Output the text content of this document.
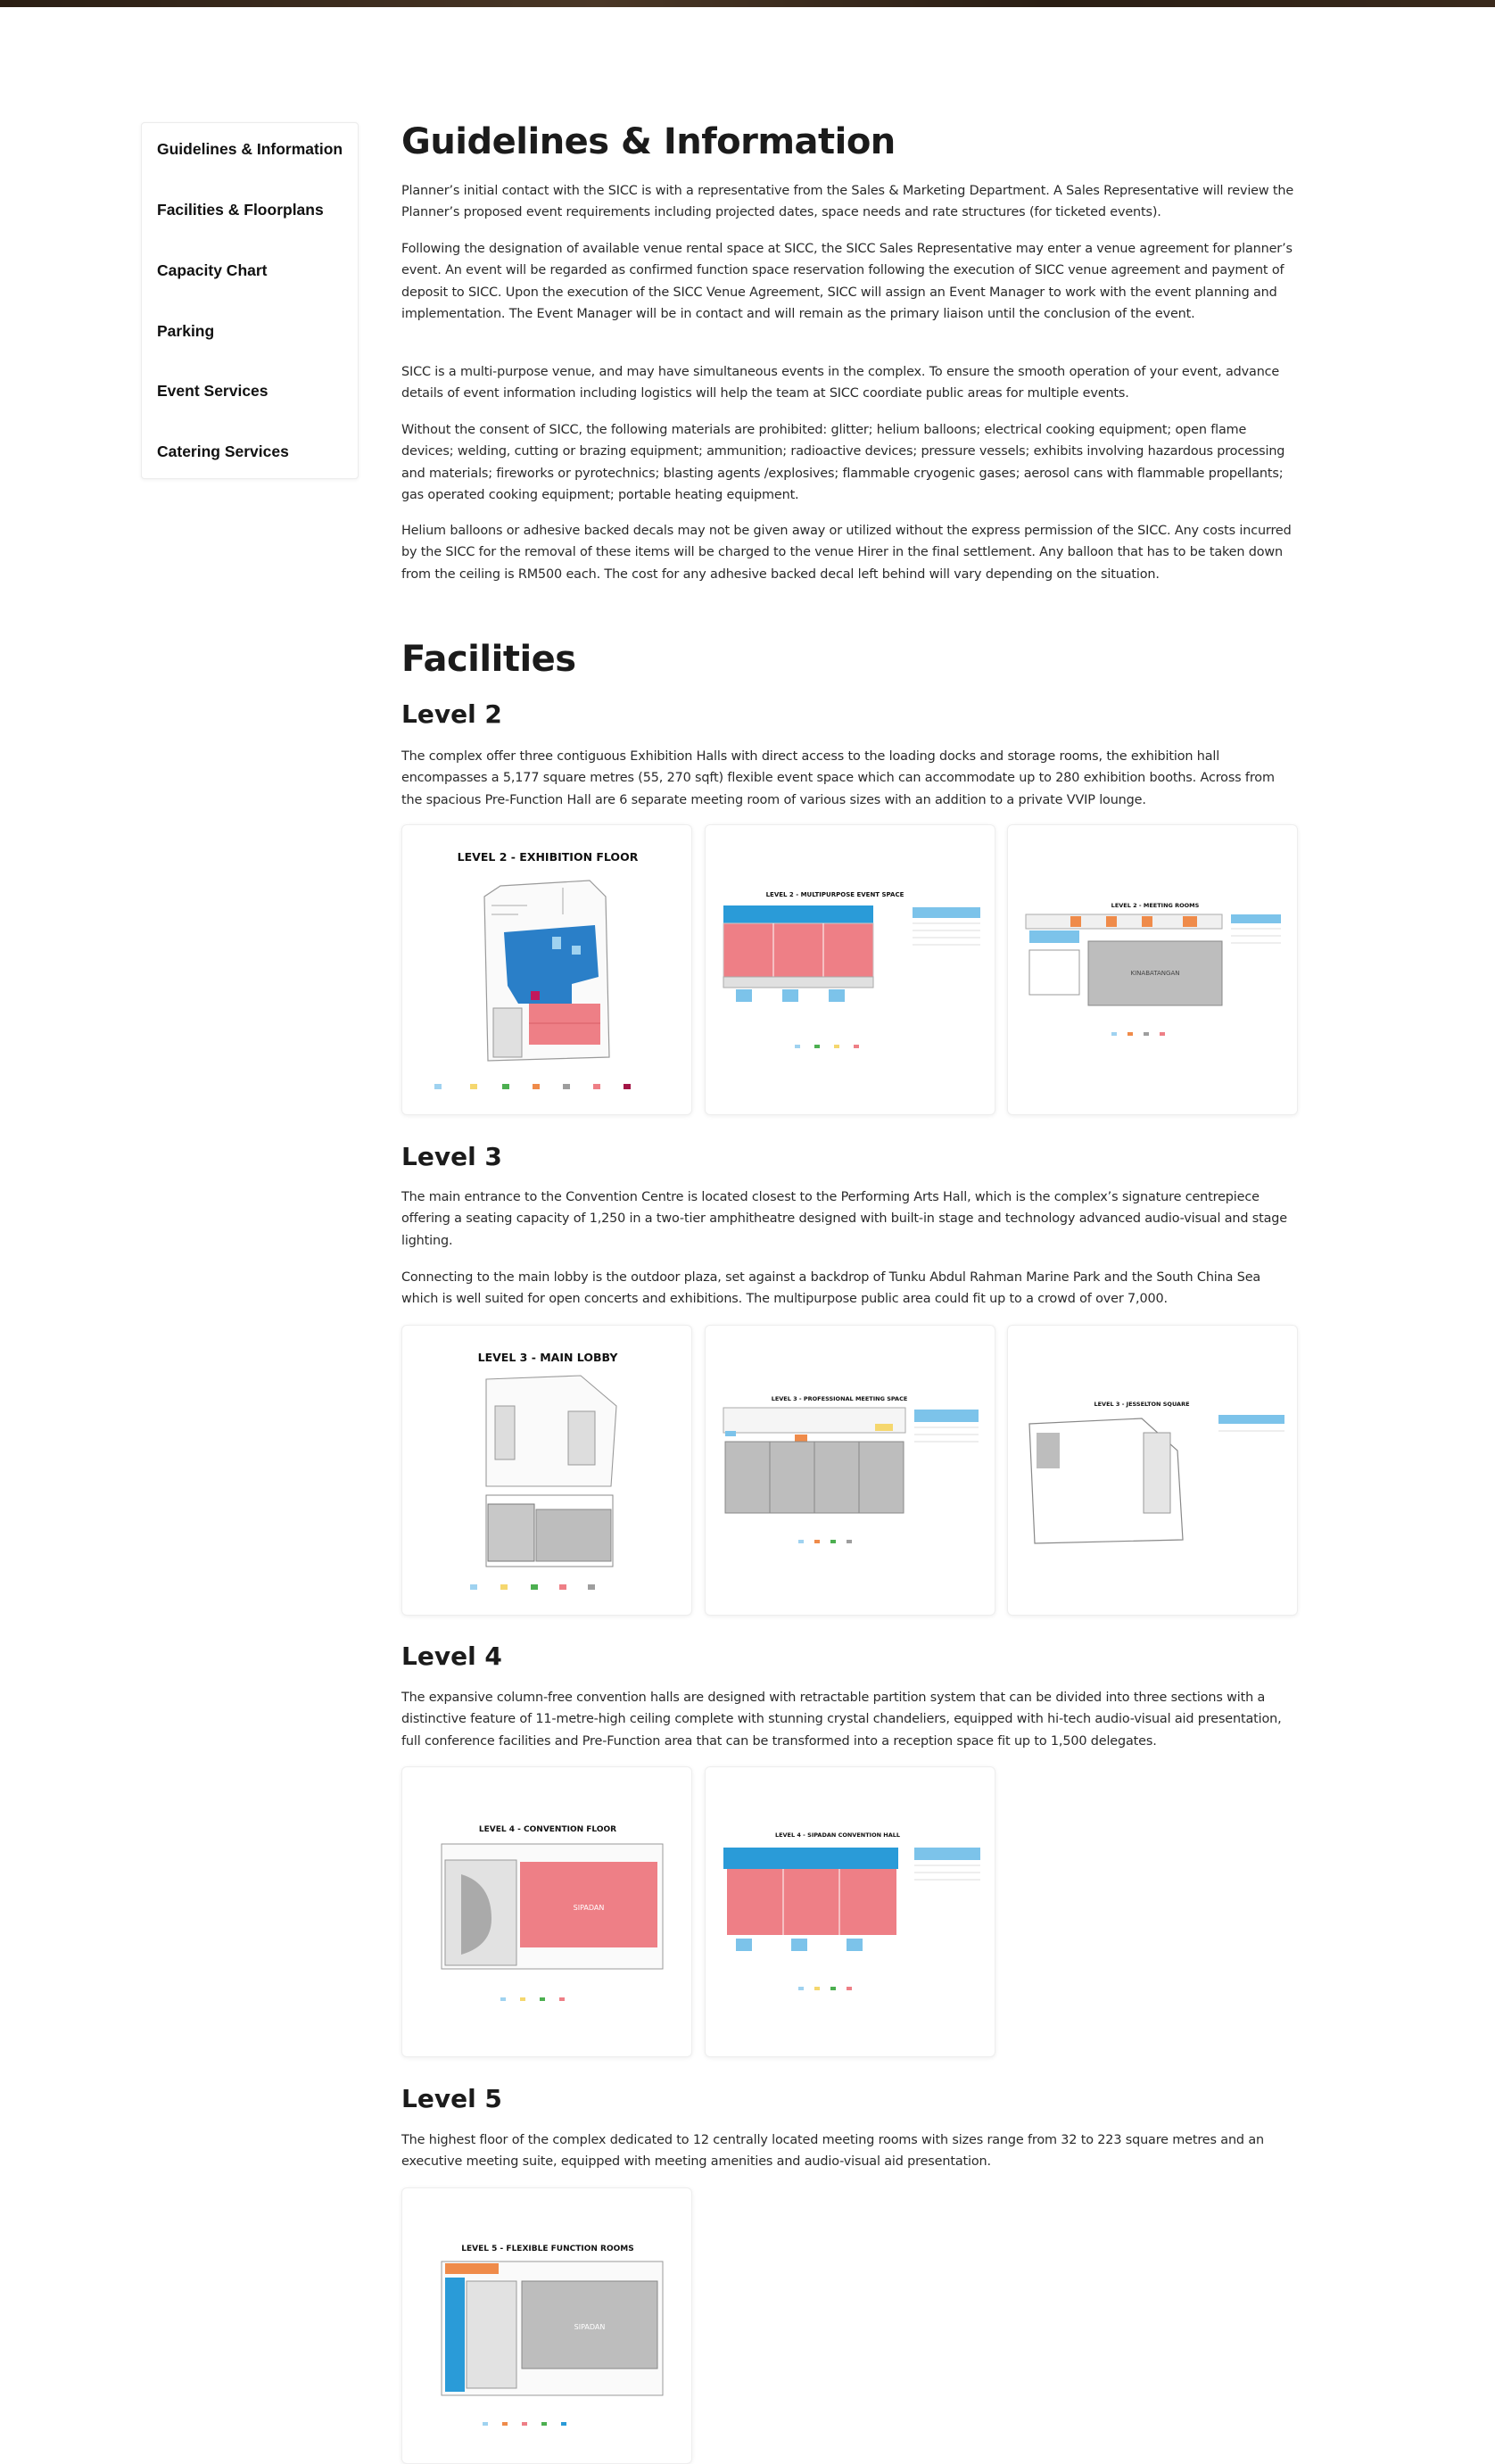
Guidelines & Information
Facilities & Floorplans
Capacity Chart
Parking
Event Services
Catering Services
Guidelines & Information

Planner’s initial contact with the SICC is with a representative from the Sales & Marketing Department. A Sales Representative will review the Planner’s proposed event requirements including projected dates, space needs and rate structures (for ticketed events).

Following the designation of available venue rental space at SICC, the SICC Sales Representative may enter a venue agreement for planner’s event. An event will be regarded as confirmed function space reservation following the execution of SICC venue agreement and payment of deposit to SICC. Upon the execution of the SICC Venue Agreement, SICC will assign an Event Manager to work with the event planning and implementation. The Event Manager will be in contact and will remain as the primary liaison until the conclusion of the event.

SICC is a multi-purpose venue, and may have simultaneous events in the complex. To ensure the smooth operation of your event, advance details of event information including logistics will help the team at SICC coordiate public areas for multiple events.

Without the consent of SICC, the following materials are prohibited: glitter; helium balloons; electrical cooking equipment; open flame devices; welding, cutting or brazing equipment; ammunition; radioactive devices; pressure vessels; exhibits involving hazardous processing and materials; fireworks or pyrotechnics; blasting agents /explosives; flammable cryogenic gases; aerosol cans with flammable propellants; gas operated cooking equipment; portable heating equipment.

Helium balloons or adhesive backed decals may not be given away or utilized without the express permission of the SICC. Any costs incurred by the SICC for the removal of these items will be charged to the venue Hirer in the final settlement. Any balloon that has to be taken down from the ceiling is RM500 each. The cost for any adhesive backed decal left behind will vary depending on the situation.

Facilities
Level 2

The complex offer three contiguous Exhibition Halls with direct access to the loading docks and storage rooms, the exhibition hall encompasses a 5,177 square metres (55, 270 sqft) flexible event space which can accommodate up to 280 exhibition booths. Across from the spacious Pre-Function Hall are 6 separate meeting room of various sizes with an addition to a private VVIP lounge.

LEVEL 2 - EXHIBITION FLOOR
LEVEL 2 - MULTIPURPOSE EVENT SPACE
LEVEL 2 - MEETING ROOMS
KINABATANGAN
Level 3

The main entrance to the Convention Centre is located closest to the Performing Arts Hall, which is the complex’s signature centrepiece offering a seating capacity of 1,250 in a two-tier amphitheatre designed with built-in stage and technology advanced audio-visual and stage lighting.

Connecting to the main lobby is the outdoor plaza, set against a backdrop of Tunku Abdul Rahman Marine Park and the South China Sea which is well suited for open concerts and exhibitions. The multipurpose public area could fit up to a crowd of over 7,000.

LEVEL 3 - MAIN LOBBY
LEVEL 3 - PROFESSIONAL MEETING SPACE
LEVEL 3 - JESSELTON SQUARE
Level 4

The expansive column-free convention halls are designed with retractable partition system that can be divided into three sections with a distinctive feature of 11-metre-high ceiling complete with stunning crystal chandeliers, equipped with hi-tech audio-visual aid presentation, full conference facilities and Pre-Function area that can be transformed into a reception space fit up to 1,500 delegates.

LEVEL 4 - CONVENTION FLOOR
SIPADAN
LEVEL 4 - SIPADAN CONVENTION HALL
Level 5

The highest floor of the complex dedicated to 12 centrally located meeting rooms with sizes range from 32 to 223 square metres and an executive meeting suite, equipped with meeting amenities and audio-visual aid presentation.

LEVEL 5 - FLEXIBLE FUNCTION ROOMS
SIPADAN
